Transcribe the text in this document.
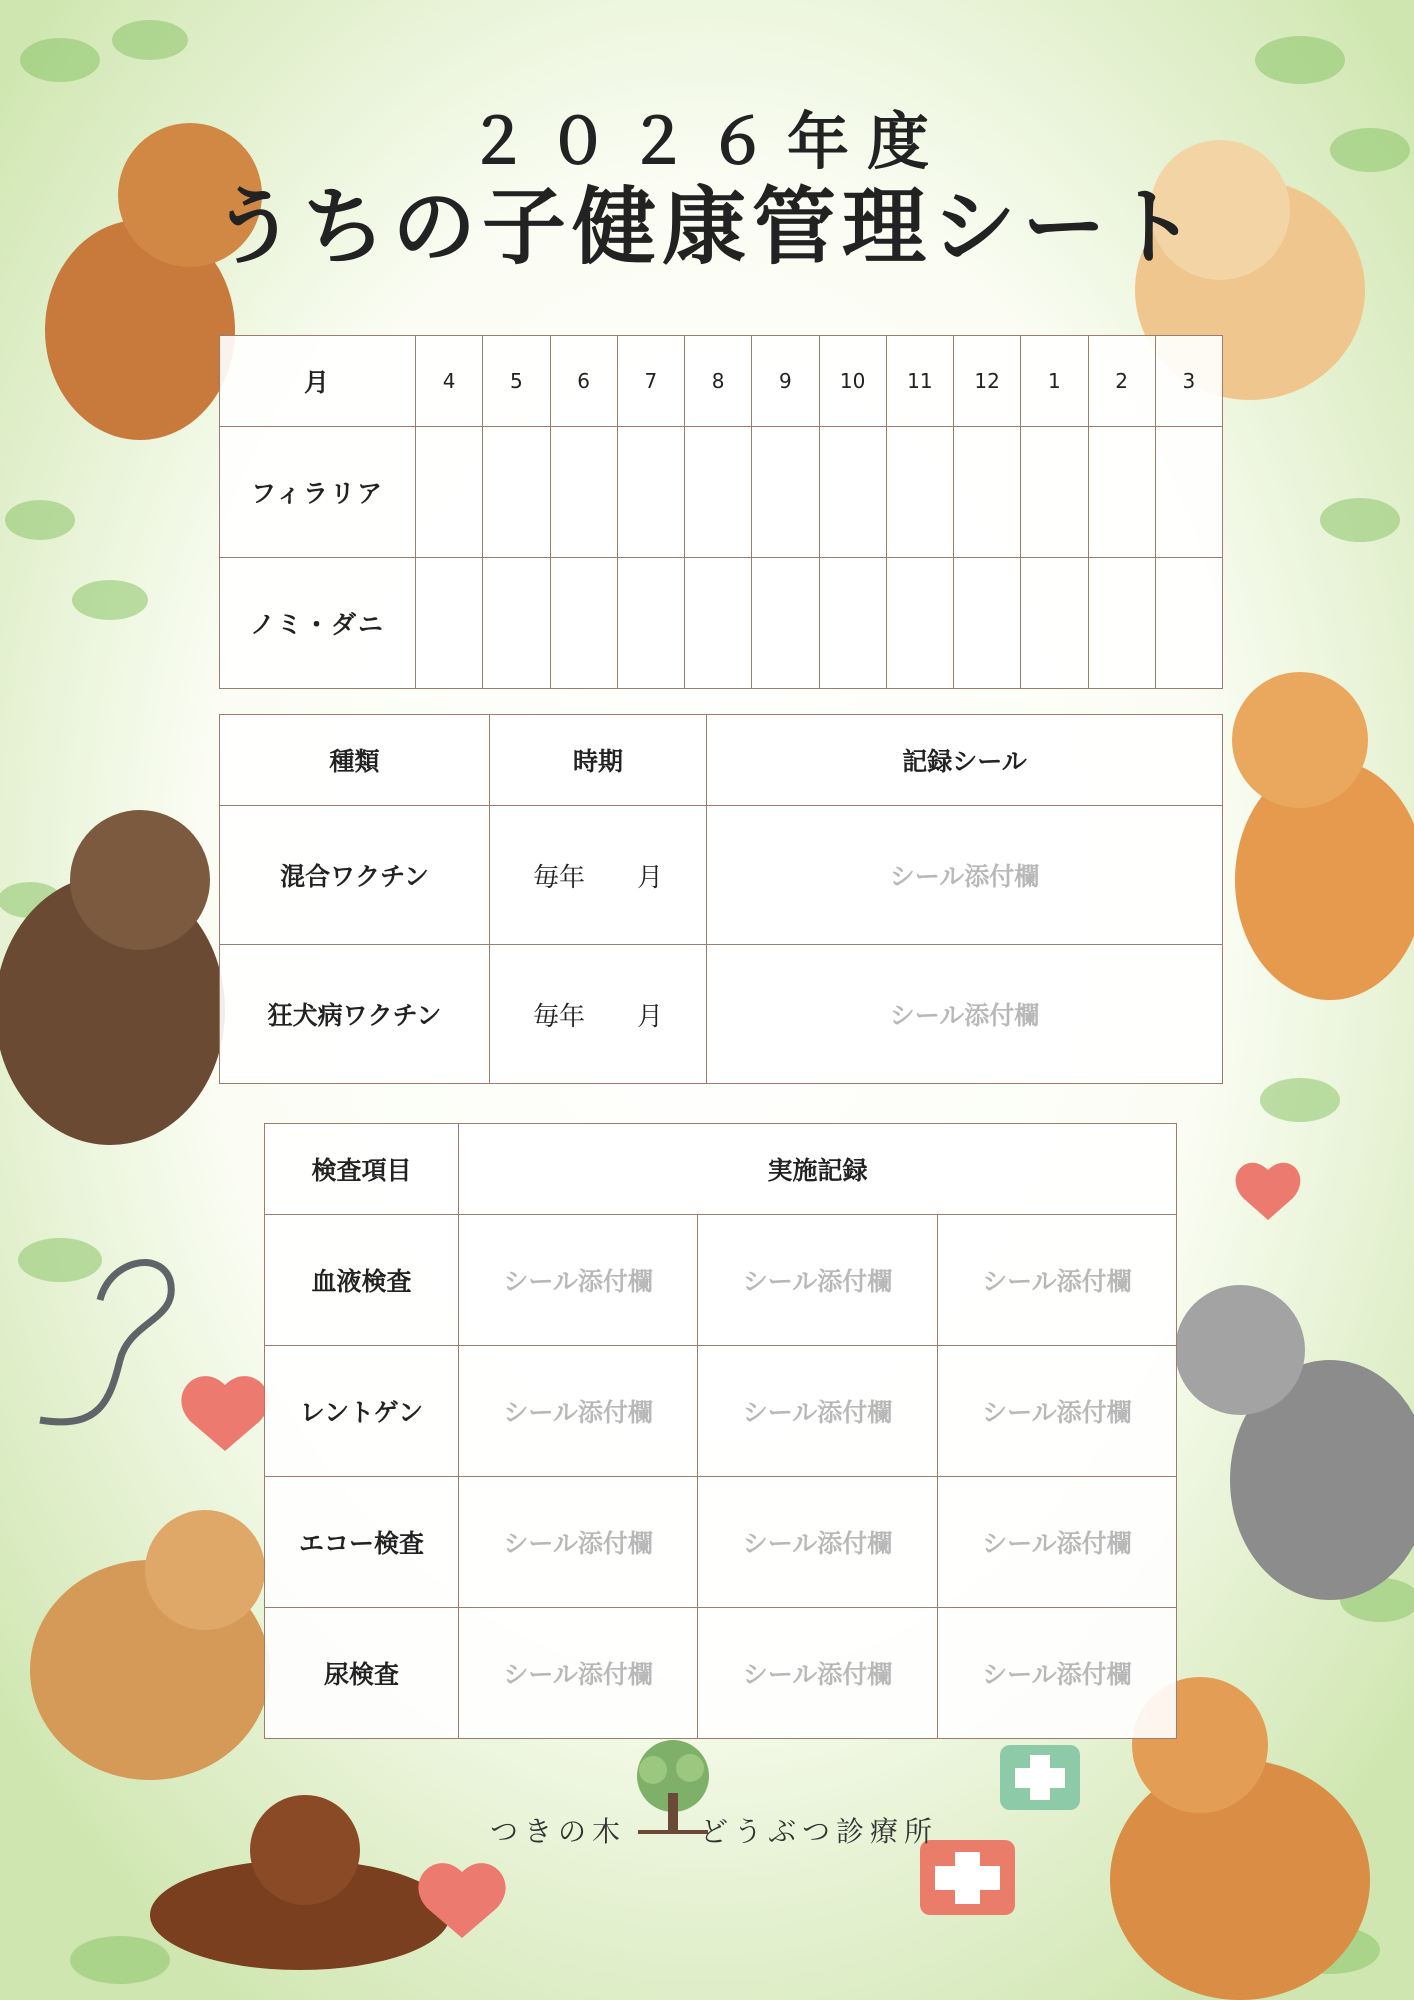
２０２６年度
うちの子健康管理シート
月	4	5	6	7	8	9	10	11	12	1	2	3
フィラリア												
ノミ・ダニ												
種類	時期	記録シール
混合ワクチン	毎年 月	シール添付欄
狂犬病ワクチン	毎年 月	シール添付欄
検査項目	実施記録		
血液検査	シール添付欄	シール添付欄	シール添付欄
レントゲン	シール添付欄	シール添付欄	シール添付欄
エコー検査	シール添付欄	シール添付欄	シール添付欄
尿検査	シール添付欄	シール添付欄	シール添付欄
つきの木	どうぶつ診療所
